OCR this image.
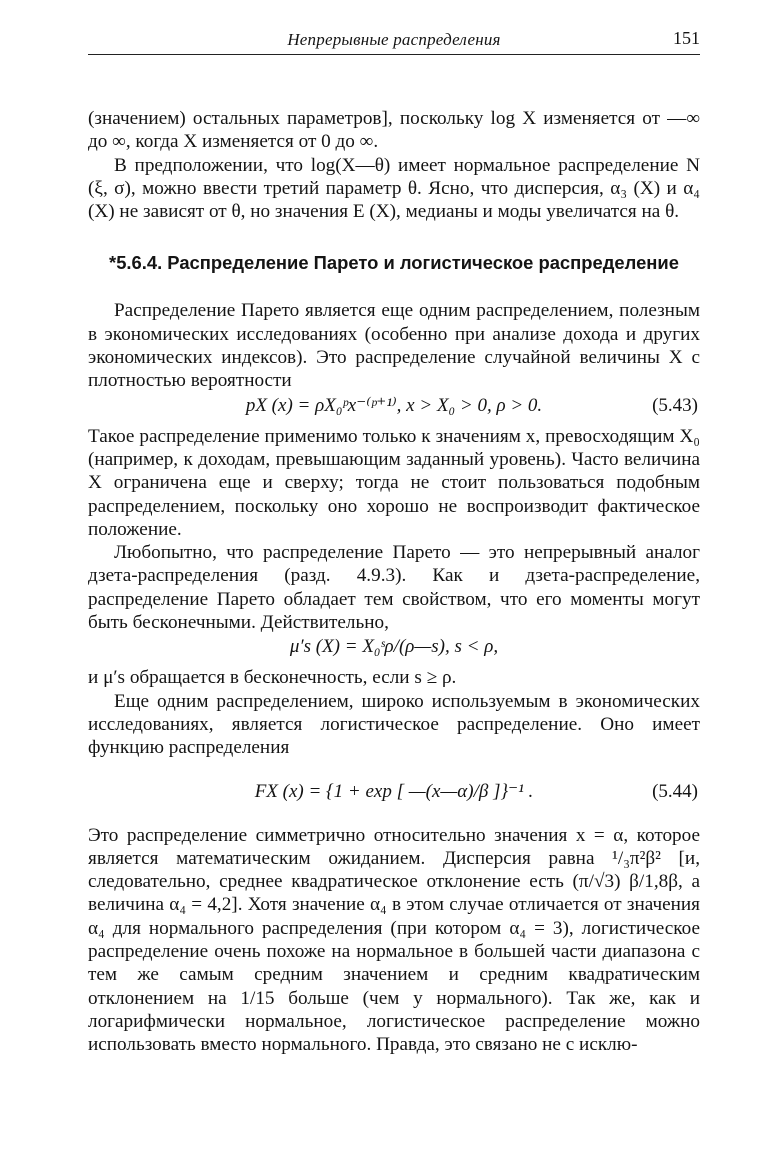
Непрерывные распределения	151

(значением) остальных параметров], поскольку log X изменяется от —∞ до ∞, когда X изменяется от 0 до ∞.

В предположении, что log(X—θ) имеет нормальное распределение N (ξ, σ), можно ввести третий параметр θ. Ясно, что дисперсия, α₃ (X) и α₄ (X) не зависят от θ, но значения E (X), медианы и моды увеличатся на θ.

*5.6.4. Распределение Парето и логистическое распределение

Распределение Парето является еще одним распределением, полезным в экономических исследованиях (особенно при анализе дохода и других экономических индексов). Это распределение случайной величины X с плотностью вероятности

pX (x) = ρX₀ᵖx⁻⁽ᵖ⁺¹⁾, x > X₀ > 0, ρ > 0.	(5.43)

Такое распределение применимо только к значениям x, превосходящим X₀ (например, к доходам, превышающим заданный уровень). Часто величина X ограничена еще и сверху; тогда не стоит пользоваться подобным распределением, поскольку оно хорошо не воспроизводит фактическое положение.

Любопытно, что распределение Парето — это непрерывный аналог дзета-распределения (разд. 4.9.3). Как и дзета-распределение, распределение Парето обладает тем свойством, что его моменты могут быть бесконечными. Действительно,

μ′s (X) = X₀ˢρ/(ρ—s), s < ρ,

и μ′s обращается в бесконечность, если s ≥ ρ.

Еще одним распределением, широко используемым в экономических исследованиях, является логистическое распределение. Оно имеет функцию распределения

FX (x) = {1 + exp [ —(x—α)/β ]}⁻¹ .	(5.44)

Это распределение симметрично относительно значения x = α, которое является математическим ожиданием. Дисперсия равна ¹/₃π²β² [и, следовательно, среднее квадратическое отклонение есть (π/√3) β/1,8β, а величина α₄ = 4,2]. Хотя значение α₄ в этом случае отличается от значения α₄ для нормального распределения (при котором α₄ = 3), логистическое распределение очень похоже на нормальное в большей части диапазона с тем же самым средним значением и средним квадратическим отклонением на 1/15 больше (чем у нормального). Так же, как и логарифмически нормальное, логистическое распределение можно использовать вместо нормального. Правда, это связано не с исклю-
